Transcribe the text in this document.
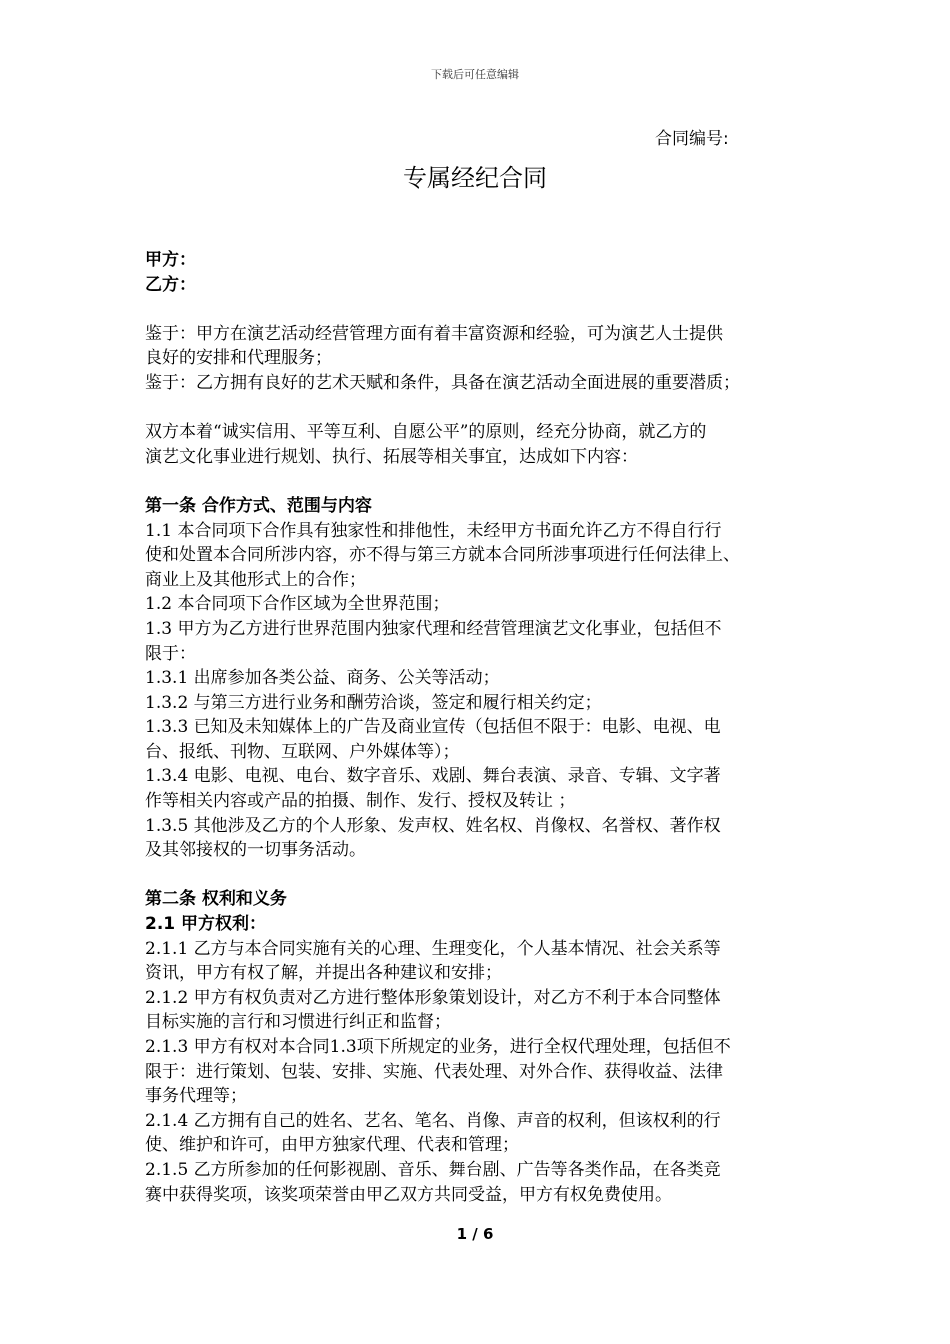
下载后可任意编辑
合同编号:
专属经纪合同
甲方：
乙方：
鉴于：甲方在演艺活动经营管理方面有着丰富资源和经验，可为演艺人士提供
良好的安排和代理服务；
鉴于：乙方拥有良好的艺术天赋和条件，具备在演艺活动全面进展的重要潜质；
双方本着“诚实信用、平等互利、自愿公平”的原则，经充分协商，就乙方的
演艺文化事业进行规划、执行、拓展等相关事宜，达成如下内容：
第一条 合作方式、范围与内容
1.1 本合同项下合作具有独家性和排他性，未经甲方书面允许乙方不得自行行
使和处置本合同所涉内容，亦不得与第三方就本合同所涉事项进行任何法律上、
商业上及其他形式上的合作；
1.2 本合同项下合作区域为全世界范围；
1.3 甲方为乙方进行世界范围内独家代理和经营管理演艺文化事业，包括但不
限于：
1.3.1 出席参加各类公益、商务、公关等活动；
1.3.2 与第三方进行业务和酬劳洽谈，签定和履行相关约定；
1.3.3 已知及未知媒体上的广告及商业宣传（包括但不限于：电影、电视、电
台、报纸、刊物、互联网、户外媒体等）；
1.3.4 电影、电视、电台、数字音乐、戏剧、舞台表演、录音、专辑、文字著
作等相关内容或产品的拍摄、制作、发行、授权及转让 ；
1.3.5 其他涉及乙方的个人形象、发声权、姓名权、肖像权、名誉权、著作权
及其邻接权的一切事务活动。
第二条 权利和义务
2.1 甲方权利：
2.1.1 乙方与本合同实施有关的心理、生理变化，个人基本情况、社会关系等
资讯，甲方有权了解，并提出各种建议和安排；
2.1.2 甲方有权负责对乙方进行整体形象策划设计，对乙方不利于本合同整体
目标实施的言行和习惯进行纠正和监督；
2.1.3 甲方有权对本合同1.3项下所规定的业务，进行全权代理处理，包括但不
限于：进行策划、包装、安排、实施、代表处理、对外合作、获得收益、法律
事务代理等；
2.1.4 乙方拥有自己的姓名、艺名、笔名、肖像、声音的权利，但该权利的行
使、维护和许可，由甲方独家代理、代表和管理；
2.1.5 乙方所参加的任何影视剧、音乐、舞台剧、广告等各类作品，在各类竞
赛中获得奖项，该奖项荣誉由甲乙双方共同受益，甲方有权免费使用。
1 / 6
